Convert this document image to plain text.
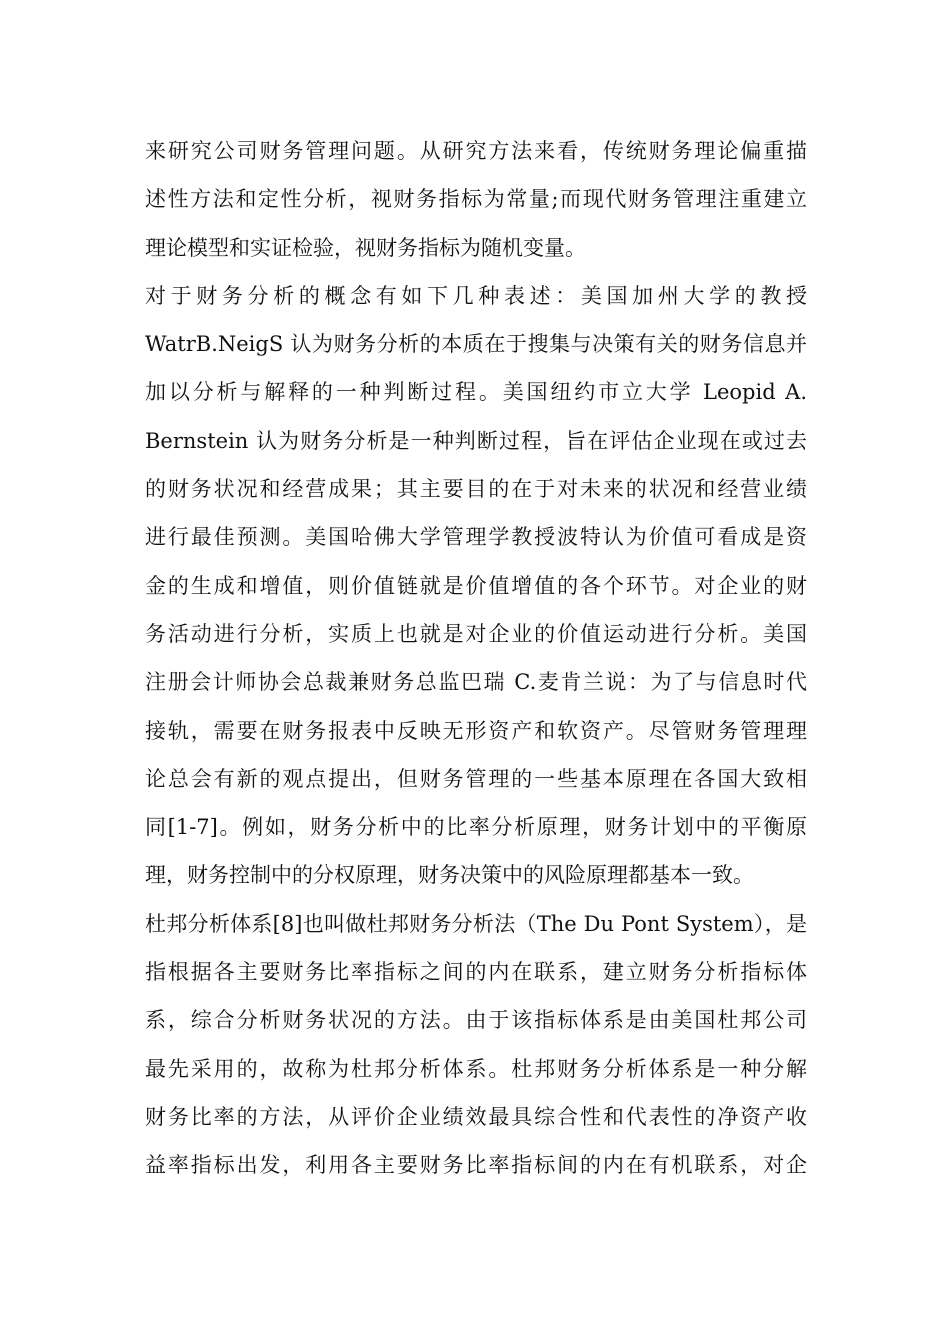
来研究公司财务管理问题。从研究方法来看，传统财务理论偏重描
述性方法和定性分析，视财务指标为常量;而现代财务管理注重建立
理论模型和实证检验，视财务指标为随机变量。
对于财务分析的概念有如下几种表述：美国加州大学的教授
WatrB.NeigS 认为财务分析的本质在于搜集与决策有关的财务信息并
加以分析与解释的一种判断过程。美国纽约市立大学 Leopid A.
Bernstein 认为财务分析是一种判断过程，旨在评估企业现在或过去
的财务状况和经营成果；其主要目的在于对未来的状况和经营业绩
进行最佳预测。美国哈佛大学管理学教授波特认为价值可看成是资
金的生成和增值，则价值链就是价值增值的各个环节。对企业的财
务活动进行分析，实质上也就是对企业的价值运动进行分析。美国
注册会计师协会总裁兼财务总监巴瑞 C.麦肯兰说：为了与信息时代
接轨，需要在财务报表中反映无形资产和软资产。尽管财务管理理
论总会有新的观点提出，但财务管理的一些基本原理在各国大致相
同[1-7]。例如，财务分析中的比率分析原理，财务计划中的平衡原
理，财务控制中的分权原理，财务决策中的风险原理都基本一致。
杜邦分析体系[8]也叫做杜邦财务分析法（The Du Pont System），是
指根据各主要财务比率指标之间的内在联系，建立财务分析指标体
系，综合分析财务状况的方法。由于该指标体系是由美国杜邦公司
最先采用的，故称为杜邦分析体系。杜邦财务分析体系是一种分解
财务比率的方法，从评价企业绩效最具综合性和代表性的净资产收
益率指标出发，利用各主要财务比率指标间的内在有机联系，对企
